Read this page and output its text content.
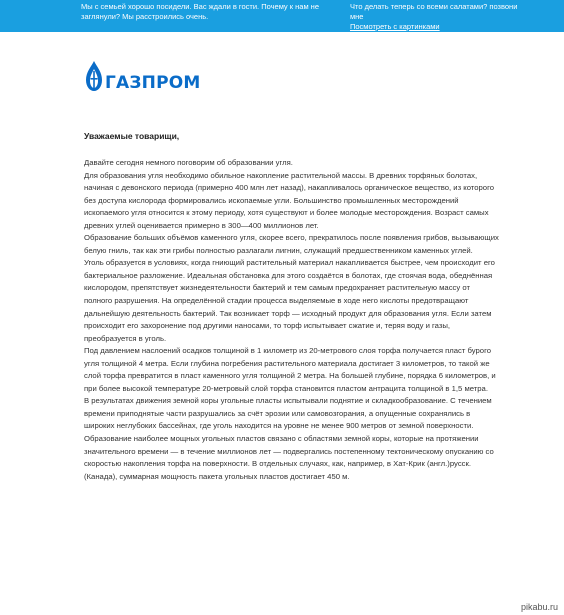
Мы с семьей хорошо посидели. Вас ждали в гости. Почему к нам не заглянули? Мы расстроились очень.
Что делать теперь со всеми салатами? позвони мне
Посмотреть с картинками
ГАЗПРОМ
Уважаемые товарищи,

Давайте сегодня немного поговорим об образовании угля.

Для образования угля необходимо обильное накопление растительной массы. В древних торфяных болотах, начиная с девонского периода (примерно 400 млн лет назад), накапливалось органическое вещество, из которого без доступа кислорода формировались ископаемые угли. Большинство промышленных месторождений ископаемого угля относится к этому периоду, хотя существуют и более молодые месторождения. Возраст самых древних углей оценивается примерно в 300—400 миллионов лет.

Образование больших объёмов каменного угля, скорее всего, прекратилось после появления грибов, вызывающих белую гниль, так как эти грибы полностью разлагали лигнин, служащий предшественником каменных углей.

Уголь образуется в условиях, когда гниющий растительный материал накапливается быстрее, чем происходит его бактериальное разложение. Идеальная обстановка для этого создаётся в болотах, где стоячая вода, обеднённая кислородом, препятствует жизнедеятельности бактерий и тем самым предохраняет растительную массу от полного разрушения. На определённой стадии процесса выделяемые в ходе него кислоты предотвращают дальнейшую деятельность бактерий. Так возникает торф — исходный продукт для образования угля. Если затем происходит его захоронение под другими наносами, то торф испытывает сжатие и, теряя воду и газы, преобразуется в уголь.

Под давлением наслоений осадков толщиной в 1 километр из 20-метрового слоя торфа получается пласт бурого угля толщиной 4 метра. Если глубина погребения растительного материала достигает 3 километров, то такой же слой торфа превратится в пласт каменного угля толщиной 2 метра. На большей глубине, порядка 6 километров, и при более высокой температуре 20-метровый слой торфа становится пластом антрацита толщиной в 1,5 метра.

В результатах движения земной коры угольные пласты испытывали поднятие и складкообразование. С течением времени приподнятые части разрушались за счёт эрозии или самовозгорания, а опущенные сохранялись в широких неглубоких бассейнах, где уголь находится на уровне не менее 900 метров от земной поверхности. Образование наиболее мощных угольных пластов связано с областями земной коры, которые на протяжении значительного времени — в течение миллионов лет — подвергались постепенному тектоническому опусканию со скоростью накопления торфа на поверхности. В отдельных случаях, как, например, в Хат-Крик (англ.)русск. (Канада), суммарная мощность пакета угольных пластов достигает 450 м.

pikabu.ru
